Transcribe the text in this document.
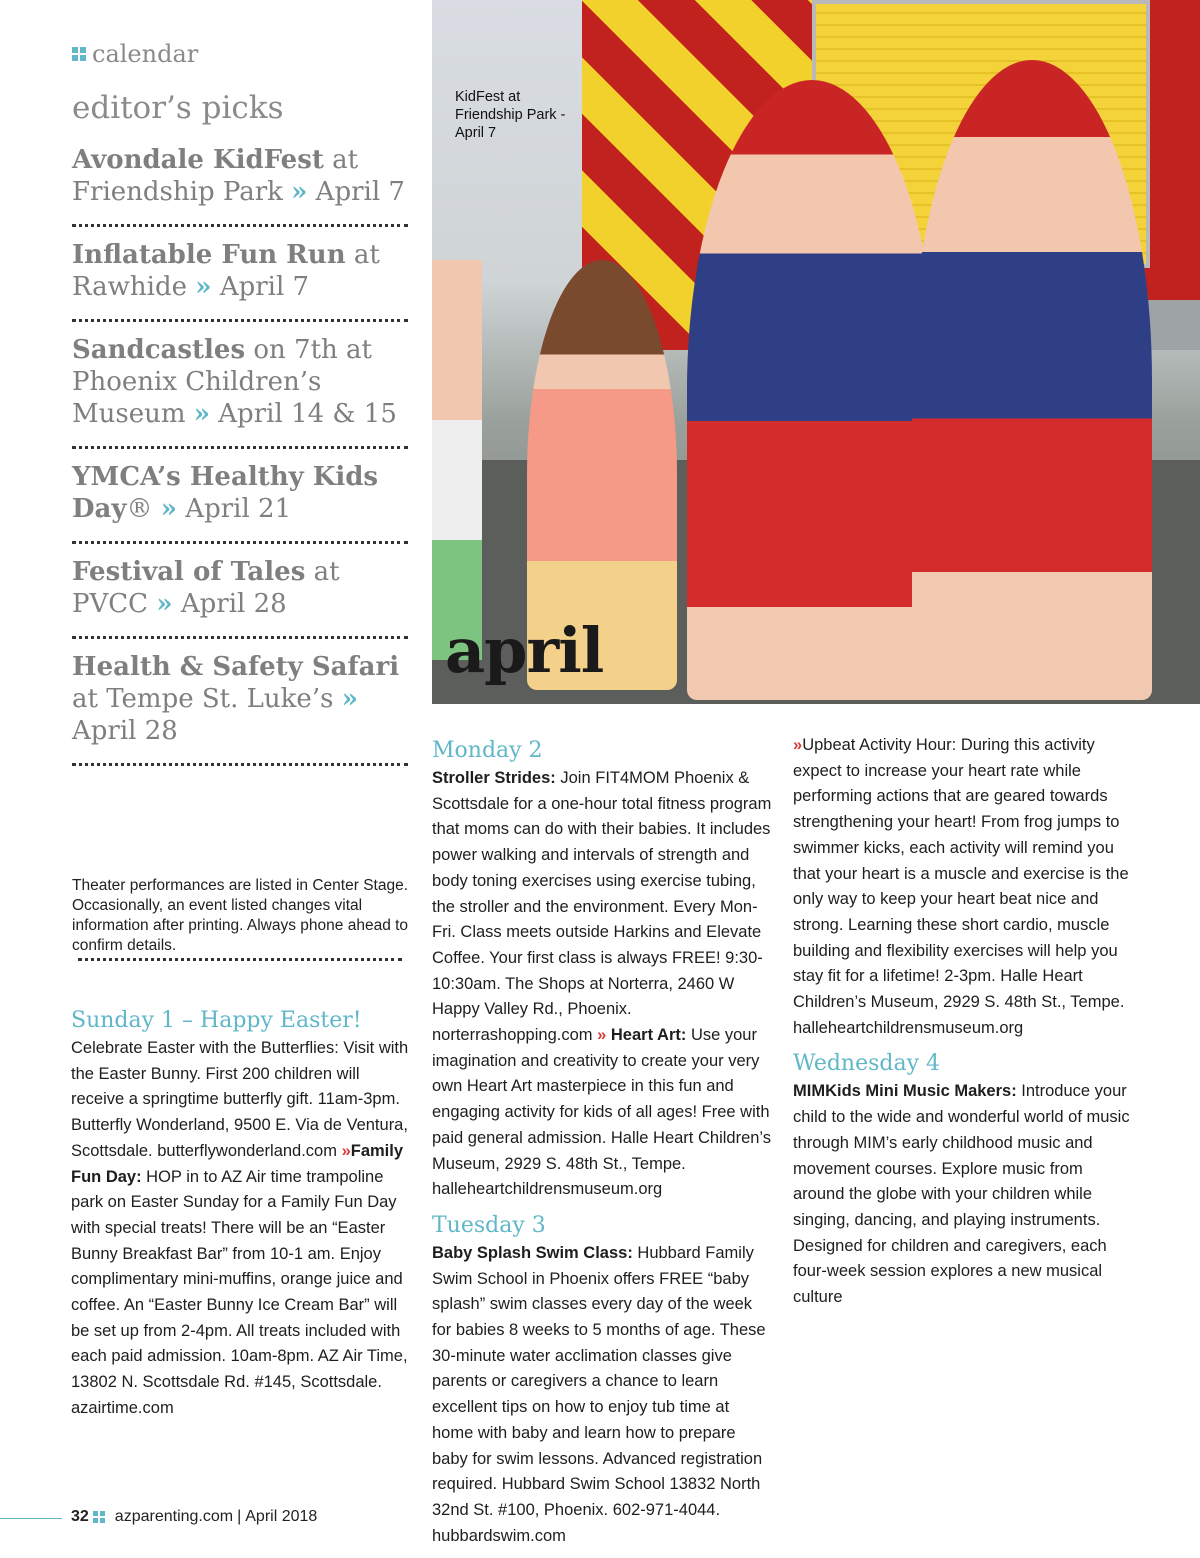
calendar
editor’s picks
Avondale KidFest at Friendship Park » April 7
Inflatable Fun Run at Rawhide » April 7
Sandcastles on 7th at Phoenix Children’s Museum » April 14 & 15
YMCA’s Healthy Kids Day® » April 21
Festival of Tales at PVCC » April 28
Health & Safety Safari at Tempe St. Luke’s » April 28

Theater performances are listed in Center Stage. Occasionally, an event listed changes vital information after printing. Always phone ahead to confirm details.

KidFest at Friendship Park - April 7
april
Sunday 1 – Happy Easter!

Celebrate Easter with the Butterflies: Visit with the Easter Bunny. First 200 children will receive a springtime butterfly gift. 11am-3pm. Butterfly Wonderland, 9500 E. Via de Ventura, Scottsdale. butterflywonderland.com »Family Fun Day: HOP in to AZ Air time trampoline park on Easter Sunday for a Family Fun Day with special treats! There will be an “Easter Bunny Breakfast Bar” from 10-1 am. Enjoy complimentary mini-muffins, orange juice and coffee. An “Easter Bunny Ice Cream Bar” will be set up from 2-4pm. All treats included with each paid admission. 10am-8pm. AZ Air Time, 13802 N. Scottsdale Rd. #145, Scottsdale. azairtime.com

Monday 2

Stroller Strides: Join FIT4MOM Phoenix & Scottsdale for a one-hour total fitness program that moms can do with their babies. It includes power walking and intervals of strength and body toning exercises using exercise tubing, the stroller and the environment. Every Mon-Fri. Class meets outside Harkins and Elevate Coffee. Your first class is always FREE! 9:30-10:30am. The Shops at Norterra, 2460 W Happy Valley Rd., Phoenix. norterrashopping.com » Heart Art: Use your imagination and creativity to create your very own Heart Art masterpiece in this fun and engaging activity for kids of all ages! Free with paid general admission. Halle Heart Children’s Museum, 2929 S. 48th St., Tempe. halleheartchildrensmuseum.org

Tuesday 3

Baby Splash Swim Class: Hubbard Family Swim School in Phoenix offers FREE “baby splash” swim classes every day of the week for babies 8 weeks to 5 months of age. These 30-minute water acclimation classes give parents or caregivers a chance to learn excellent tips on how to enjoy tub time at home with baby and learn how to prepare baby for swim lessons. Advanced registration required. Hubbard Swim School 13832 North 32nd St. #100, Phoenix. 602-971-4044. hubbardswim.com

»Upbeat Activity Hour: During this activity expect to increase your heart rate while performing actions that are geared towards strengthening your heart! From frog jumps to swimmer kicks, each activity will remind you that your heart is a muscle and exercise is the only way to keep your heart beat nice and strong. Learning these short cardio, muscle building and flexibility exercises will help you stay fit for a lifetime! 2-3pm. Halle Heart Children’s Museum, 2929 S. 48th St., Tempe. halleheartchildrensmuseum.org

Wednesday 4

MIMKids Mini Music Makers: Introduce your child to the wide and wonderful world of music through MIM’s early childhood music and movement courses. Explore music from around the globe with your children while singing, dancing, and playing instruments. Designed for children and caregivers, each four-week session explores a new musical culture

32 azparenting.com | April 2018
